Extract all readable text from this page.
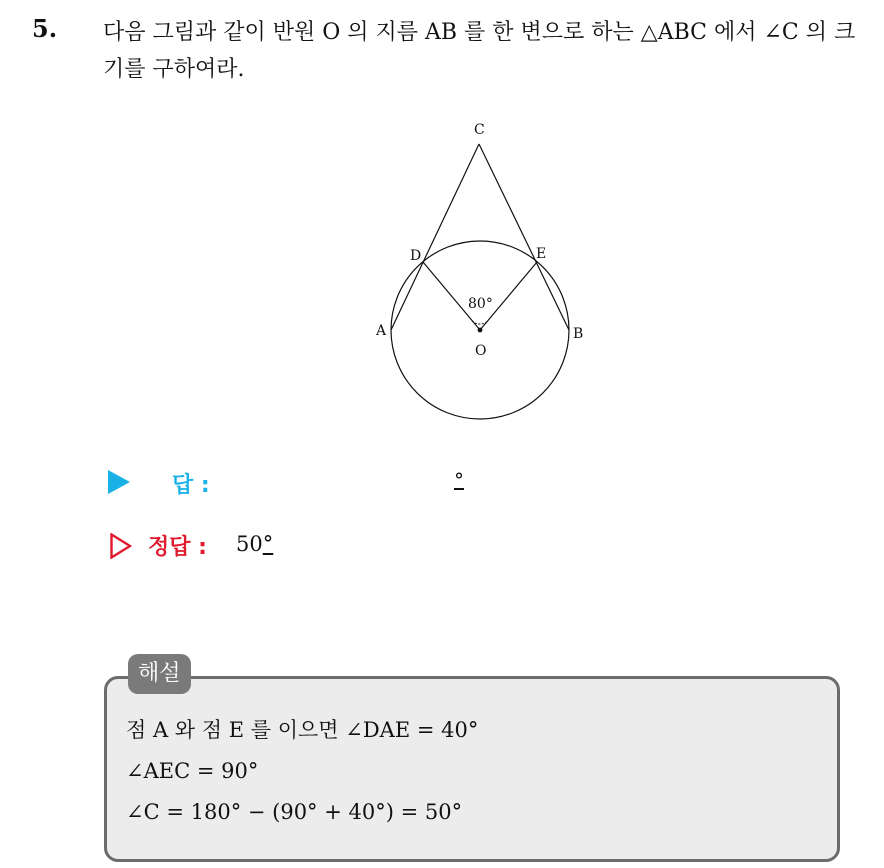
5. 다음 그림과 같이 반원 O 의 지름 AB 를 한 변으로 하는 △ABC 에서 ∠C 의 크기를 구하여라.
C
D	E
A	B
O
80°
답 :	°
정답 : 50°
해설
점 A 와 점 E 를 이으면 ∠DAE = 40°
∠AEC = 90°
∠C = 180° − (90° + 40°) = 50°
